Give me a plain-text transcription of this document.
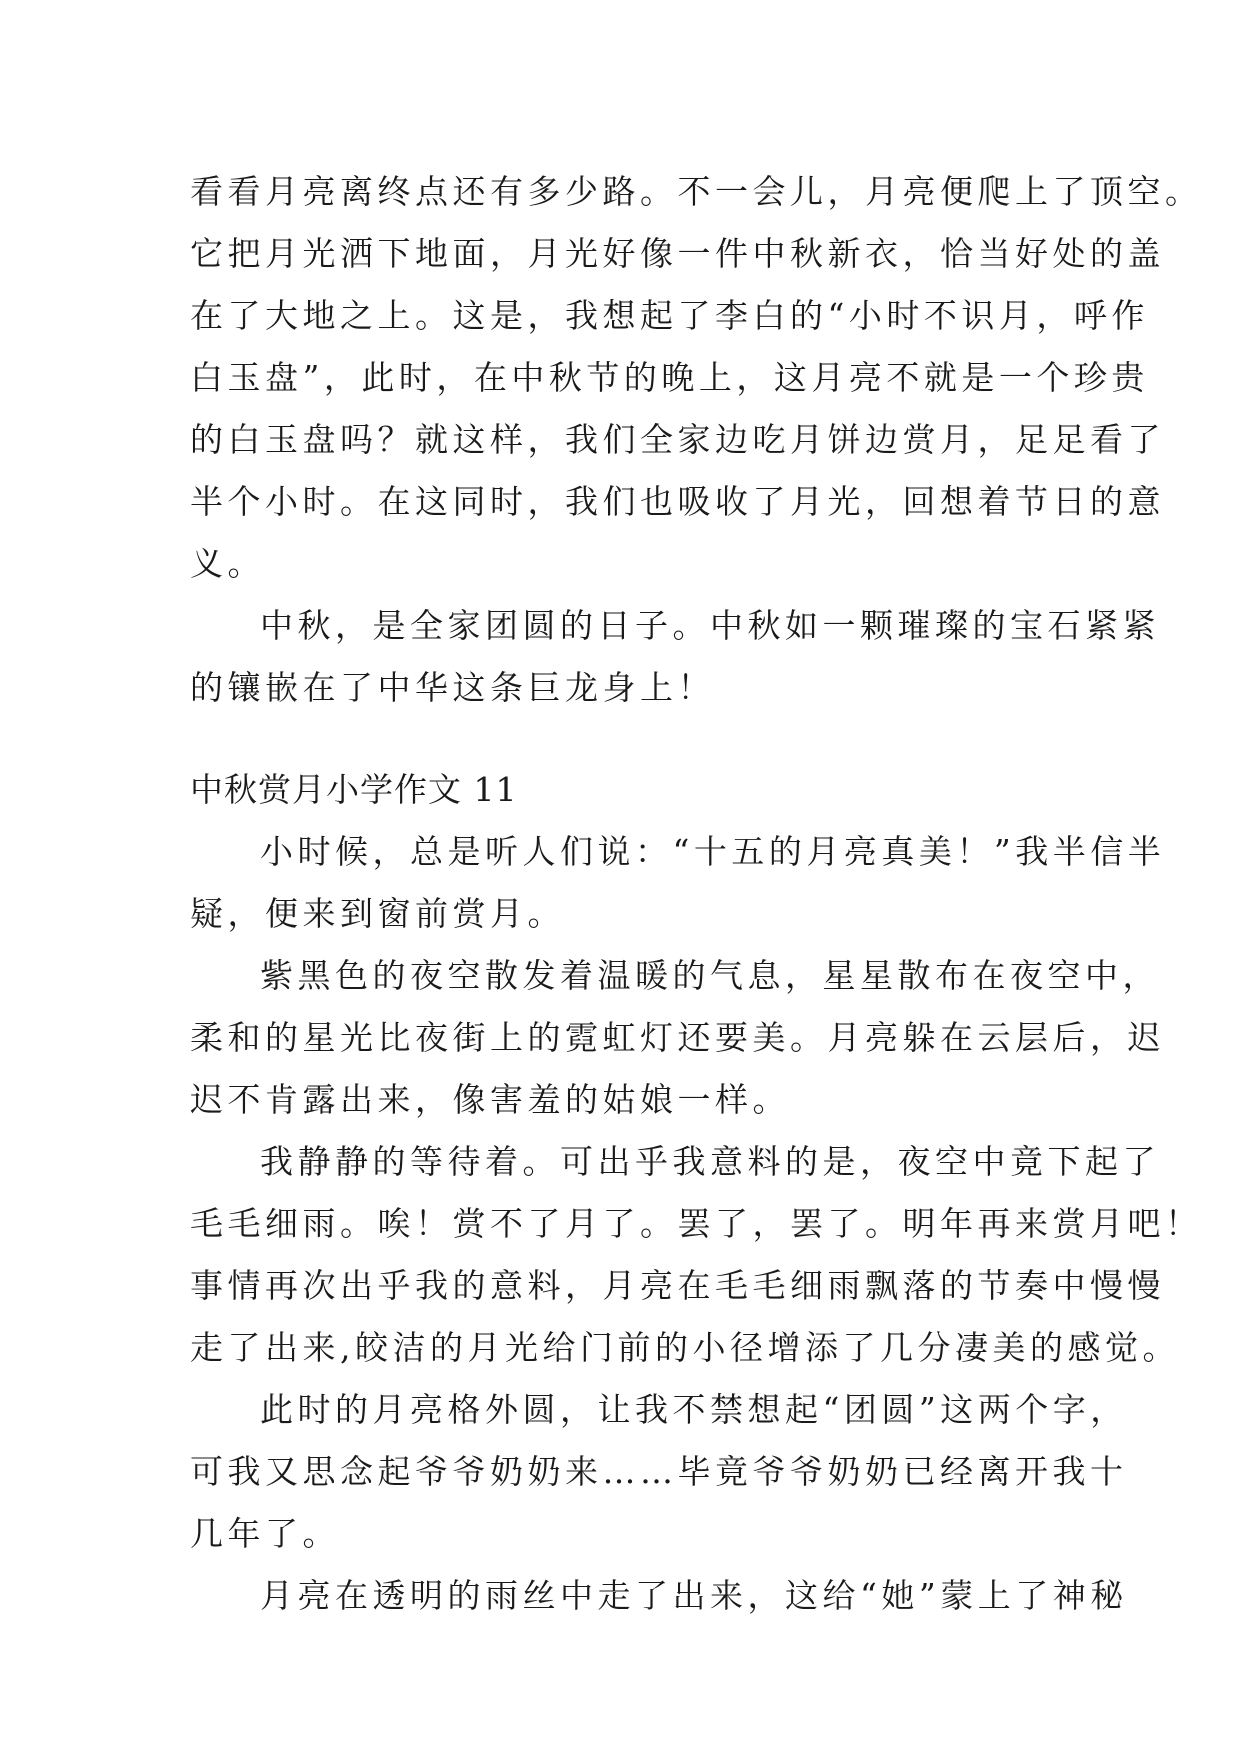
看看月亮离终点还有多少路。不一会儿，月亮便爬上了顶空。
它把月光洒下地面，月光好像一件中秋新衣，恰当好处的盖
在了大地之上。这是，我想起了李白的“小时不识月，呼作
白玉盘”，此时，在中秋节的晚上，这月亮不就是一个珍贵
的白玉盘吗？就这样，我们全家边吃月饼边赏月，足足看了
半个小时。在这同时，我们也吸收了月光，回想着节日的意
义。
中秋，是全家团圆的日子。中秋如一颗璀璨的宝石紧紧
的镶嵌在了中华这条巨龙身上！
中秋赏月小学作文 11
小时候，总是听人们说：“十五的月亮真美！”我半信半
疑，便来到窗前赏月。
紫黑色的夜空散发着温暖的气息，星星散布在夜空中，
柔和的星光比夜街上的霓虹灯还要美。月亮躲在云层后，迟
迟不肯露出来，像害羞的姑娘一样。
我静静的等待着。可出乎我意料的是，夜空中竟下起了
毛毛细雨。唉！赏不了月了。罢了，罢了。明年再来赏月吧！
事情再次出乎我的意料，月亮在毛毛细雨飘落的节奏中慢慢
走了出来,皎洁的月光给门前的小径增添了几分凄美的感觉。
此时的月亮格外圆，让我不禁想起“团圆”这两个字，
可我又思念起爷爷奶奶来……毕竟爷爷奶奶已经离开我十
几年了。
月亮在透明的雨丝中走了出来，这给“她”蒙上了神秘
